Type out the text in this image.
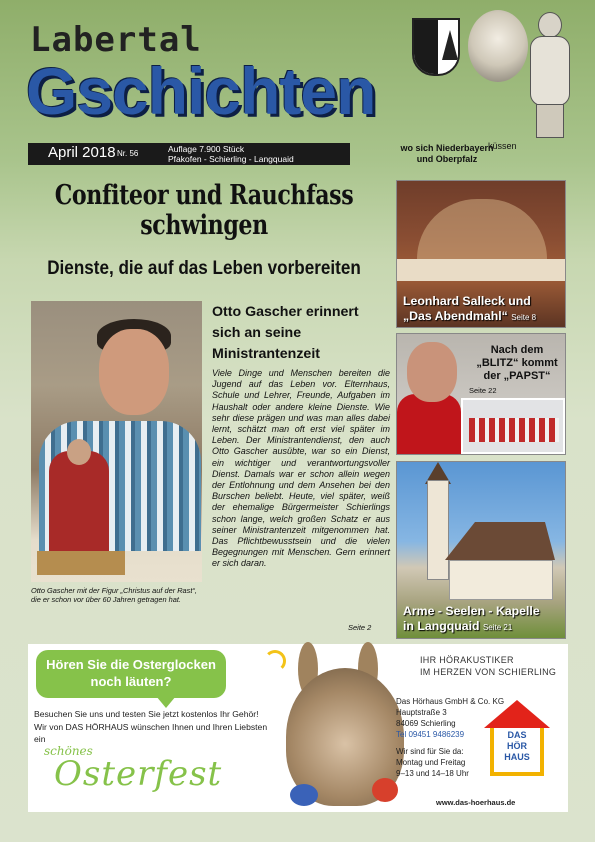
Labertal
Gschichten
April 2018 Nr. 56	Auflage 7.900 Stück
Pfakofen - Schierling - Langquaid
wo sich Niederbayern
und Oberpfalz
küssen
Confiteor und Rauchfass
schwingen
Dienste, die auf das Leben vorbereiten
Otto Gascher mit der Figur „Christus auf der Rast“, die er schon vor über 60 Jahren getragen hat.
Otto Gascher erinnert
sich an seine
Ministrantenzeit
Viele Dinge und Menschen bereiten die Jugend auf das Leben vor. Elternhaus, Schule und Lehrer, Freunde, Aufgaben im Haushalt oder andere kleine Dienste. Wie sehr diese prägen und was man alles dabei lernt, schätzt man oft erst viel später im Leben. Der Ministrantendienst, den auch Otto Gascher ausübte, war so ein Dienst, ein wichtiger und verantwortungsvoller Dienst. Damals war er schon allein wegen der Entlohnung und dem Ansehen bei den Burschen beliebt. Heute, viel später, weiß der ehemalige Bürgermeister Schierlings schon lange, welch großen Schatz er aus seiner Ministrantenzeit mitgenommen hat. Das Pflichtbewusstsein und die vielen Begegnungen mit Menschen. Gern erinnert er sich daran.
Seite 2
Leonhard Salleck und
„Das Abendmahl“ Seite 8
Nach dem
„BLITZ“ kommt
der „PAPST“
Seite 22
Arme - Seelen - Kapelle
in Langquaid Seite 21
Hören Sie die Osterglocken
noch läuten?
Besuchen Sie uns und testen Sie jetzt kostenlos Ihr Gehör!
Wir von DAS HÖRHAUS wünschen Ihnen und Ihren Liebsten
ein
schönes
Osterfest
IHR HÖRAKUSTIKER
IM HERZEN VON SCHIERLING
Das Hörhaus GmbH & Co. KG
Hauptstraße 3
84069 Schierling
Tel 09451 9486239
Wir sind für Sie da:
Montag und Freitag
9–13 und 14–18 Uhr
DAS
HÖR
HAUS
www.das-hoerhaus.de
